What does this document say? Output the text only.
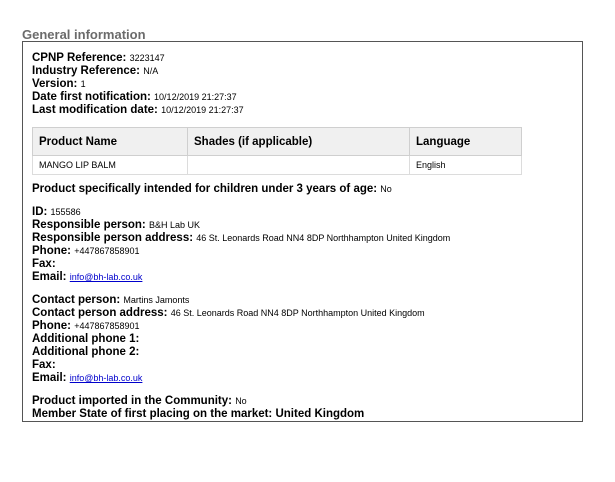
General information
CPNP Reference: 3223147
Industry Reference: N/A
Version: 1
Date first notification: 10/12/2019 21:27:37
Last modification date: 10/12/2019 21:27:37
Product Name	Shades (if applicable)	Language
MANGO LIP BALM		English
Product specifically intended for children under 3 years of age: No
ID: 155586
Responsible person: B&H Lab UK
Responsible person address: 46 St. Leonards Road NN4 8DP Northhampton United Kingdom
Phone: +447867858901
Fax:
Email: info@bh-lab.co.uk
Contact person: Martins Jamonts
Contact person address: 46 St. Leonards Road NN4 8DP Northhampton United Kingdom
Phone: +447867858901
Additional phone 1:
Additional phone 2:
Fax:
Email: info@bh-lab.co.uk
Product imported in the Community: No
Member State of first placing on the market: United Kingdom
